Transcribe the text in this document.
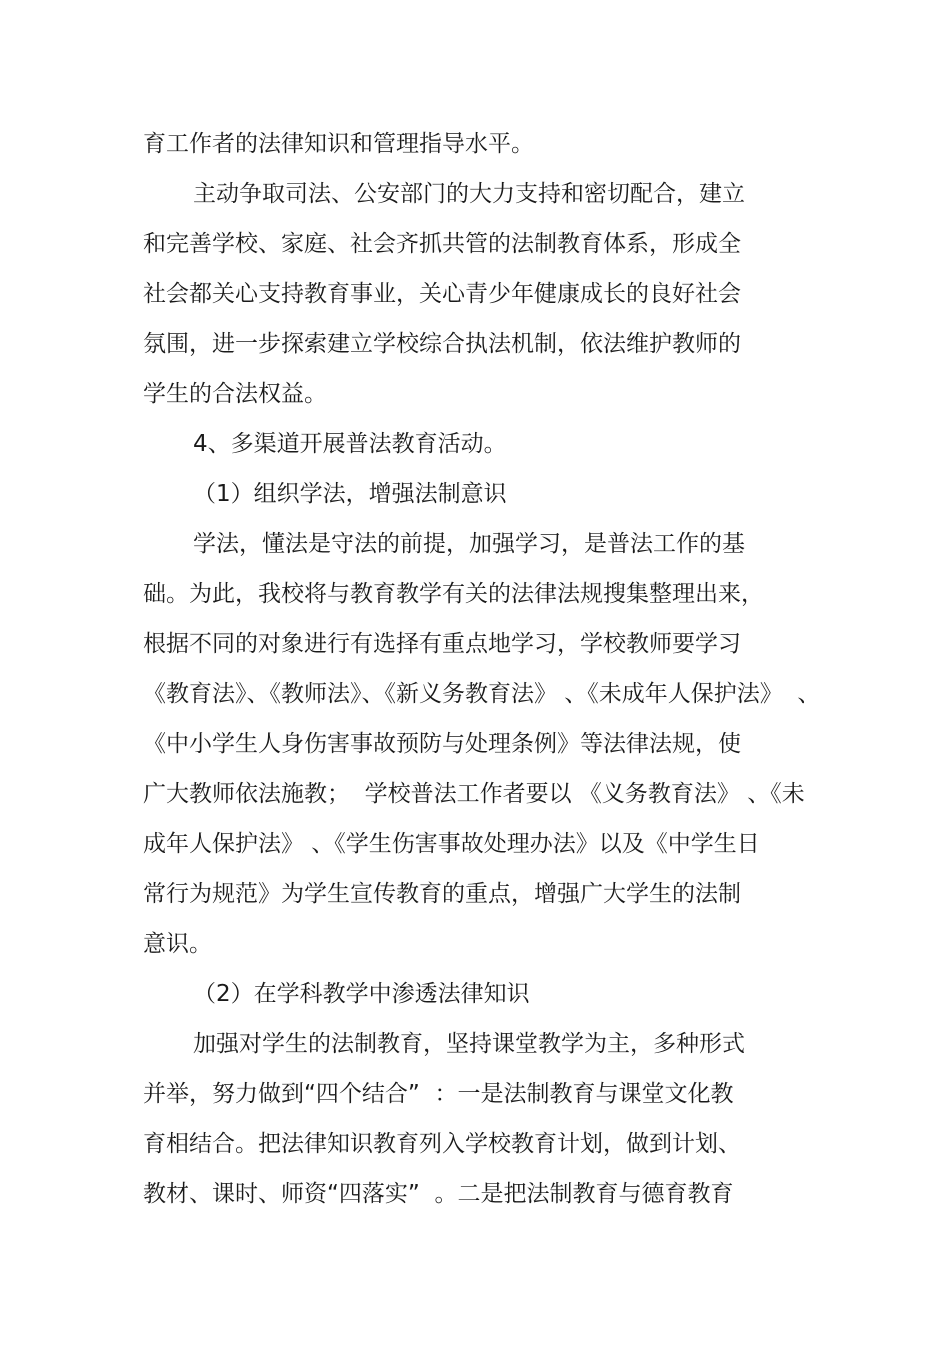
育工作者的法律知识和管理指导水平。
主动争取司法、公安部门的大力支持和密切配合，建立
和完善学校、家庭、社会齐抓共管的法制教育体系，形成全
社会都关心支持教育事业，关心青少年健康成长的良好社会
氛围，进一步探索建立学校综合执法机制，依法维护教师的
学生的合法权益。
4、多渠道开展普法教育活动。
（1）组织学法，增强法制意识
学法，懂法是守法的前提，加强学习，是普法工作的基
础。为此，我校将与教育教学有关的法律法规搜集整理出来，
根据不同的对象进行有选择有重点地学习，学校教师要学习
《教育法》、《教师法》、《新义务教育法》 、《未成年人保护法》  、
《中小学生人身伤害事故预防与处理条例》等法律法规，使
广大教师依法施教；  学校普法工作者要以 《义务教育法》 、《未
成年人保护法》 、《学生伤害事故处理办法》以及《中学生日
常行为规范》为学生宣传教育的重点，增强广大学生的法制
意识。
（2）在学科教学中渗透法律知识
加强对学生的法制教育，坚持课堂教学为主，多种形式
并举，努力做到“四个结合”  ：一是法制教育与课堂文化教
育相结合。把法律知识教育列入学校教育计划，做到计划、
教材、课时、师资“四落实”  。二是把法制教育与德育教育
